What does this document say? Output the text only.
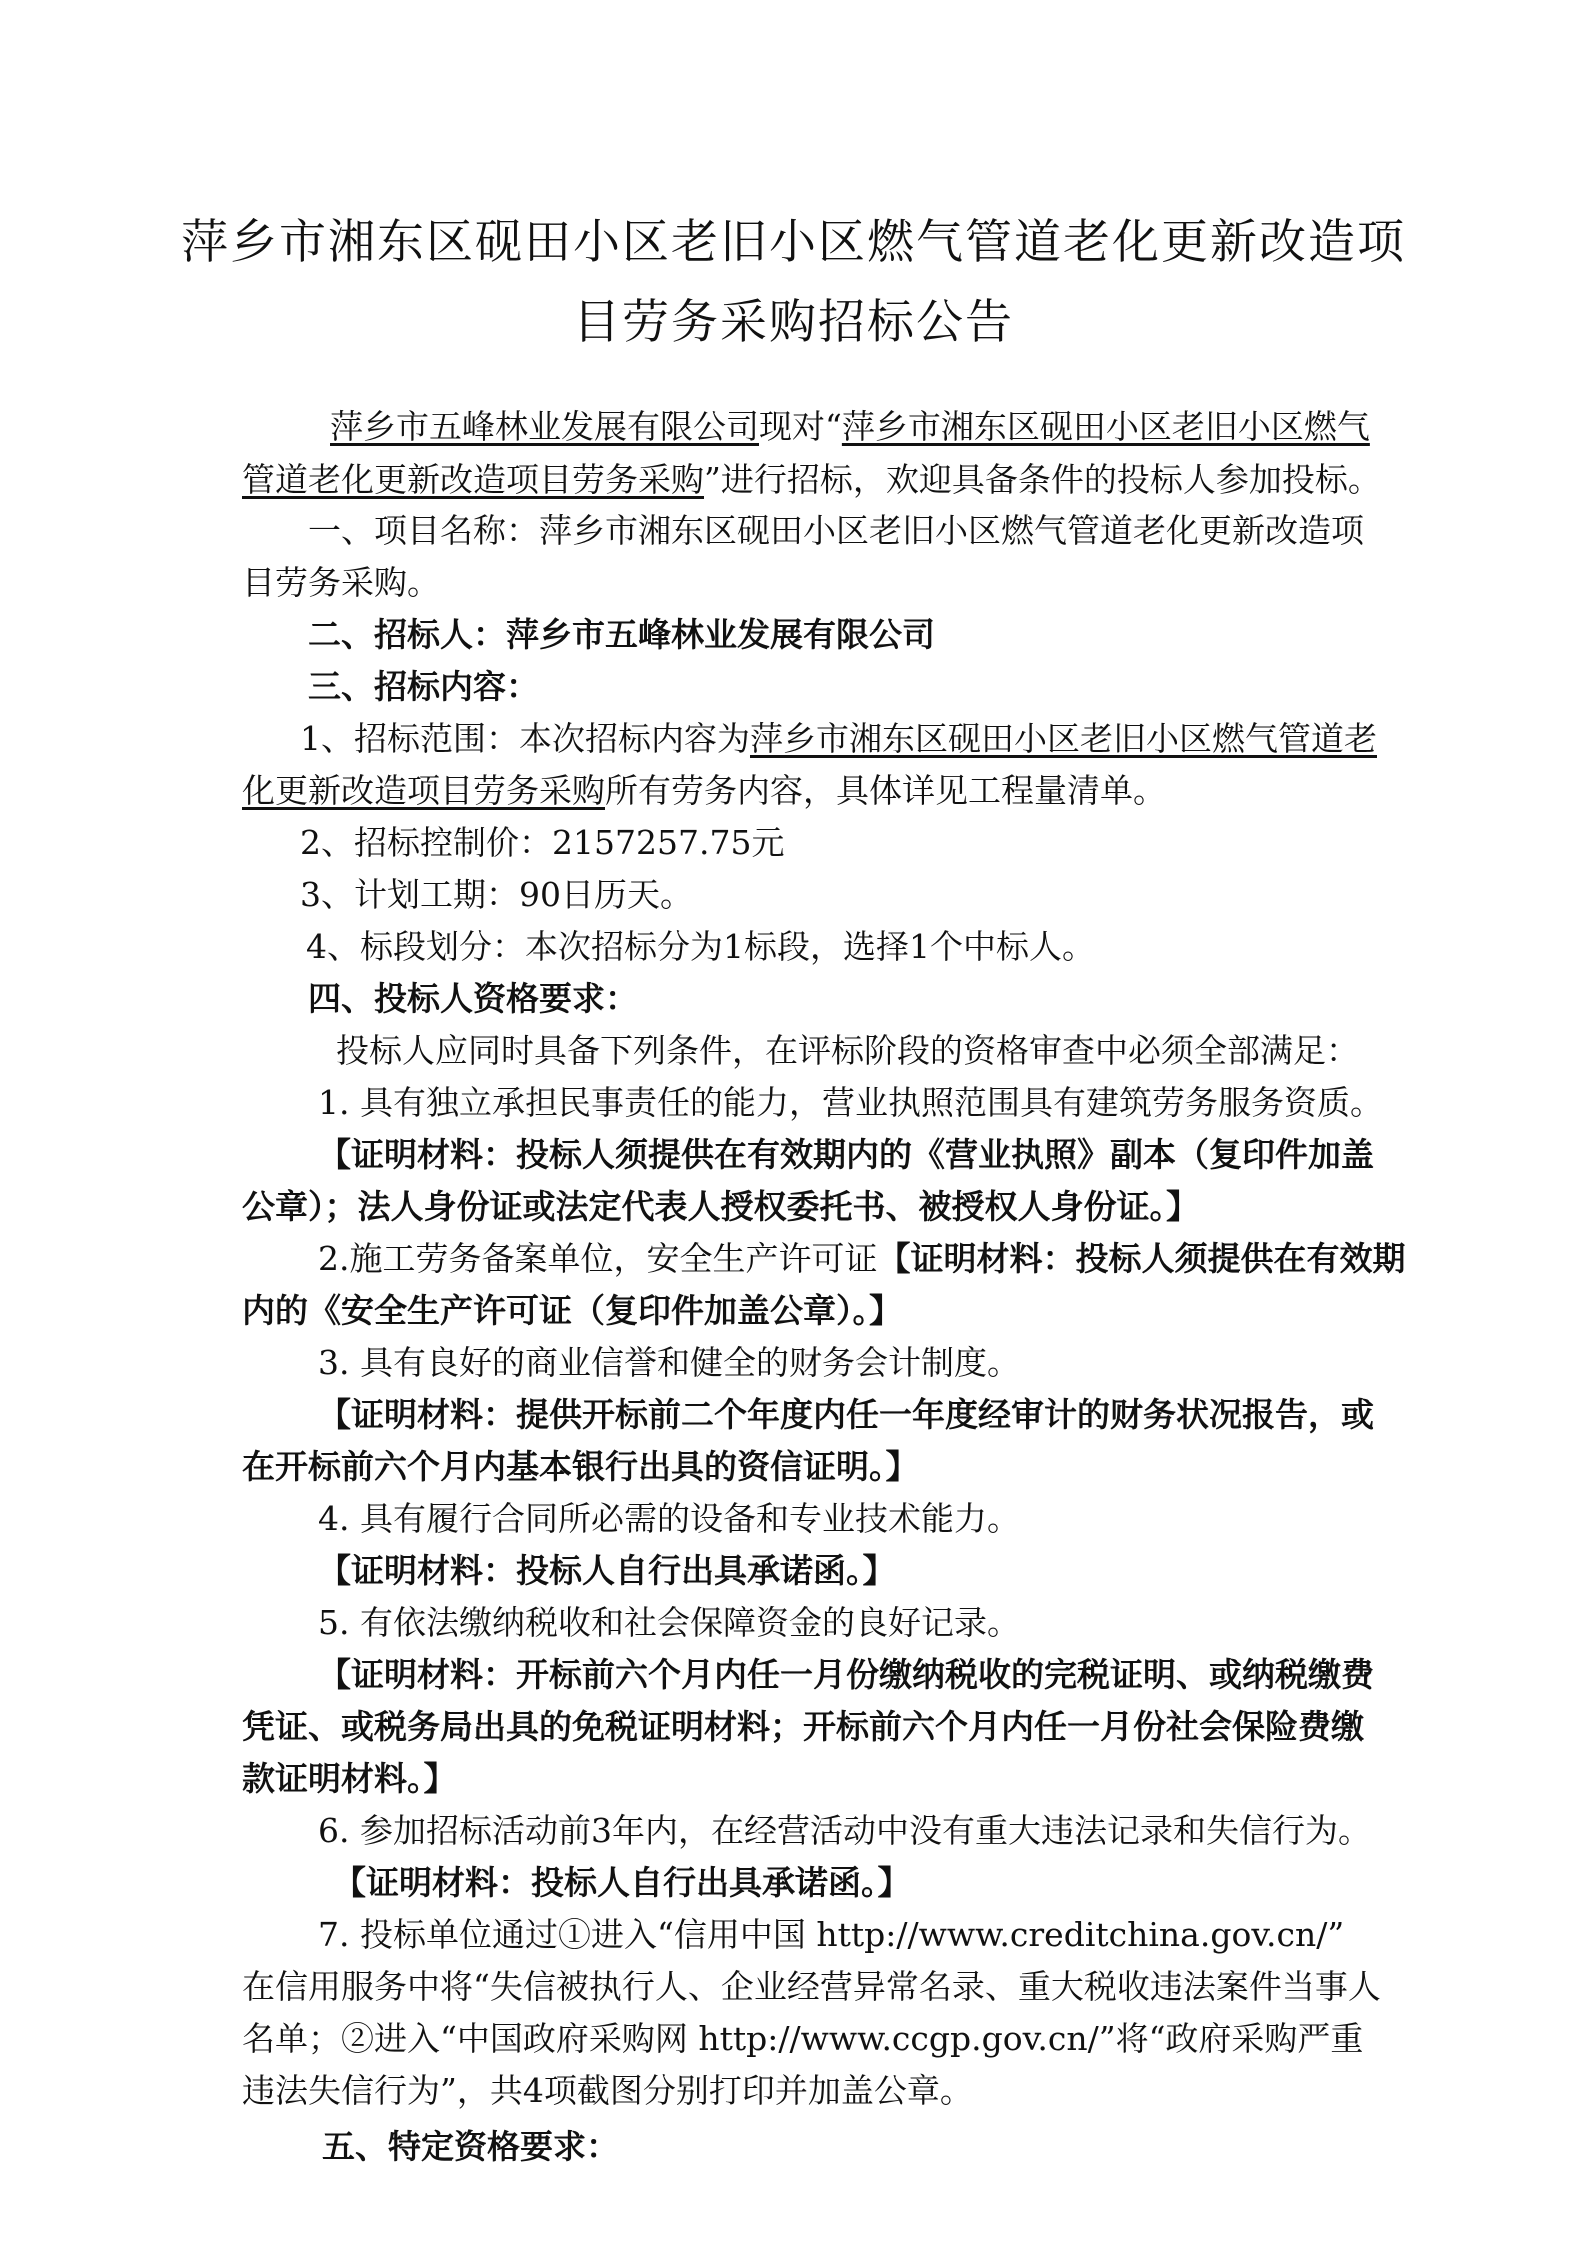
萍乡市湘东区砚田小区老旧小区燃气管道老化更新改造项
目劳务采购招标公告
萍乡市五峰林业发展有限公司现对“萍乡市湘东区砚田小区老旧小区燃气
管道老化更新改造项目劳务采购”进行招标，欢迎具备条件的投标人参加投标。
一、项目名称：萍乡市湘东区砚田小区老旧小区燃气管道老化更新改造项
目劳务采购。
二、招标人：萍乡市五峰林业发展有限公司
三、招标内容：
1、招标范围：本次招标内容为萍乡市湘东区砚田小区老旧小区燃气管道老
化更新改造项目劳务采购所有劳务内容，具体详见工程量清单。
2、招标控制价：2157257.75元
3、计划工期：90日历天。
4、标段划分：本次招标分为1标段，选择1个中标人。
四、投标人资格要求：
投标人应同时具备下列条件，在评标阶段的资格审查中必须全部满足：
1. 具有独立承担民事责任的能力，营业执照范围具有建筑劳务服务资质。
【证明材料：投标人须提供在有效期内的《营业执照》副本（复印件加盖
公章）；法人身份证或法定代表人授权委托书、被授权人身份证。】
2.施工劳务备案单位，安全生产许可证【证明材料：投标人须提供在有效期
内的《安全生产许可证（复印件加盖公章）。】
3. 具有良好的商业信誉和健全的财务会计制度。
【证明材料：提供开标前二个年度内任一年度经审计的财务状况报告，或
在开标前六个月内基本银行出具的资信证明。】
4. 具有履行合同所必需的设备和专业技术能力。
【证明材料：投标人自行出具承诺函。】
5. 有依法缴纳税收和社会保障资金的良好记录。
【证明材料：开标前六个月内任一月份缴纳税收的完税证明、或纳税缴费
凭证、或税务局出具的免税证明材料；开标前六个月内任一月份社会保险费缴
款证明材料。】
6. 参加招标活动前3年内，在经营活动中没有重大违法记录和失信行为。
【证明材料：投标人自行出具承诺函。】
7. 投标单位通过①进入“信用中国 http://www.creditchina.gov.cn/”
在信用服务中将“失信被执行人、企业经营异常名录、重大税收违法案件当事人
名单；②进入“中国政府采购网 http://www.ccgp.gov.cn/”将“政府采购严重
违法失信行为”，共4项截图分别打印并加盖公章。
五、特定资格要求：
